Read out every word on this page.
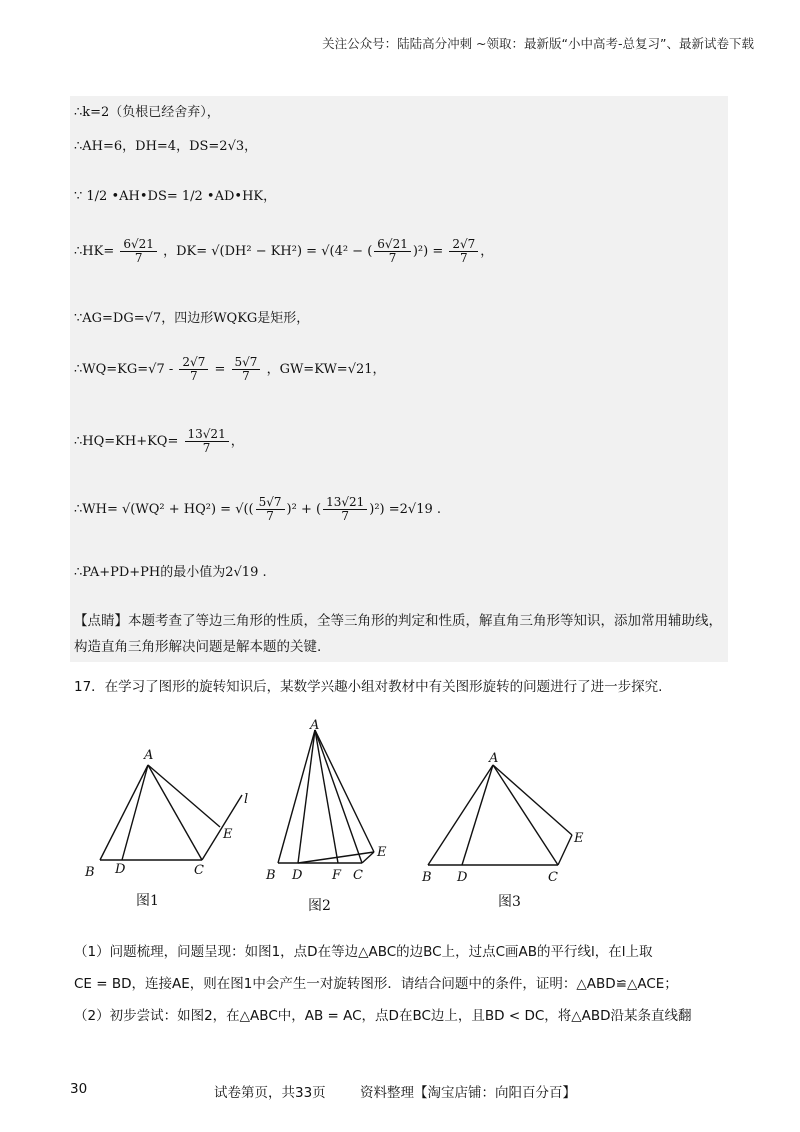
关注公众号：陆陆高分冲刺 ~领取：最新版“小中高考-总复习”、最新试卷下载
∴k=2（负根已经舍弃），
∴AH=6，DH=4，DS=2√3，
∵ 1/2 •AH•DS= 1/2 •AD•HK，
∴HK= $\frac{6√21}{7}$ ，DK= √(DH² − KH²) = √(4² − ( $\frac{6√21}{7} )^2) = \frac{2√7}{7}$ ，
∵AG=DG=√7，四边形WQKG是矩形，
∴WQ=KG=√7 - $\frac{2√7}{7} = \frac{5√7}{7}$ ，GW=KW=√21，
∴HQ=KH+KQ= $\frac{13√21}{7}$ ，
∴WH= √(WQ² + HQ²) = √(( $\frac{5√7}{7} )^2$ + ( $\frac{13√21}{7} )^2) =2√19$ .
∴PA+PD+PH的最小值为2√19 .
【点睛】本题考查了等边三角形的性质，全等三角形的判定和性质，解直角三角形等知识，添加常用辅助线，构造直角三角形解决问题是解本题的关键.
17．在学习了图形的旋转知识后，某数学兴趣小组对教材中有关图形旋转的问题进行了进一步探究.
A
B D	C
E
l
A
B D F C
E
A
B D	C
E
图1	图2	图3
（1）问题梳理，问题呈现：如图1，点D在等边△ABC的边BC上，过点C画AB的平行线l，在l上取
CE = BD，连接AE，则在图1中会产生一对旋转图形．请结合问题中的条件，证明：△ABD≌△ACE；
（2）初步尝试：如图2，在△ABC中，AB = AC，点D在BC边上，且BD < DC，将△ABD沿某条直线翻
30	试卷第页，共33页	资料整理【淘宝店铺：向阳百分百】
